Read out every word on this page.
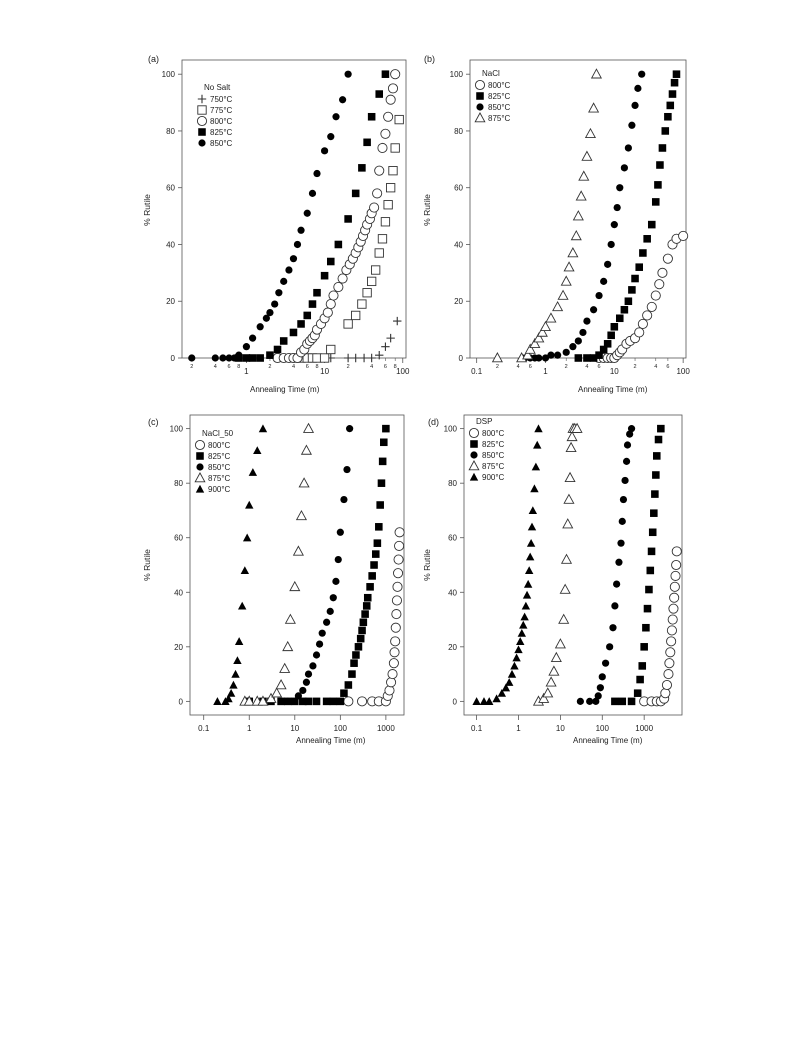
(a)
0
20
40
60
80
100
1	10	100
2	4 6 8	2	4 6 8	2	4 6 8
Annealing Time (m)
% Rutile
No Salt
750°C
775°C
800°C
825°C
850°C
(b)
0
20
40
60
80
100
0.1	1	10	100
2	4 6	2	4 6	2	4 6
Annealing Time (m)
% Rutile
NaCl
800°C
825°C
850°C
875°C
(c)
0
20
40
60
80
100
0.1	1	10	100	1000
Annealing Time (m)
% Rutile
NaCl_50
800°C
825°C
850°C
875°C
900°C
(d)
0
20
40
60
80
100
0.1	1	10	100	1000
Annealing Time (m)
% Rutile
DSP
800°C
825°C
850°C
875°C
900°C
